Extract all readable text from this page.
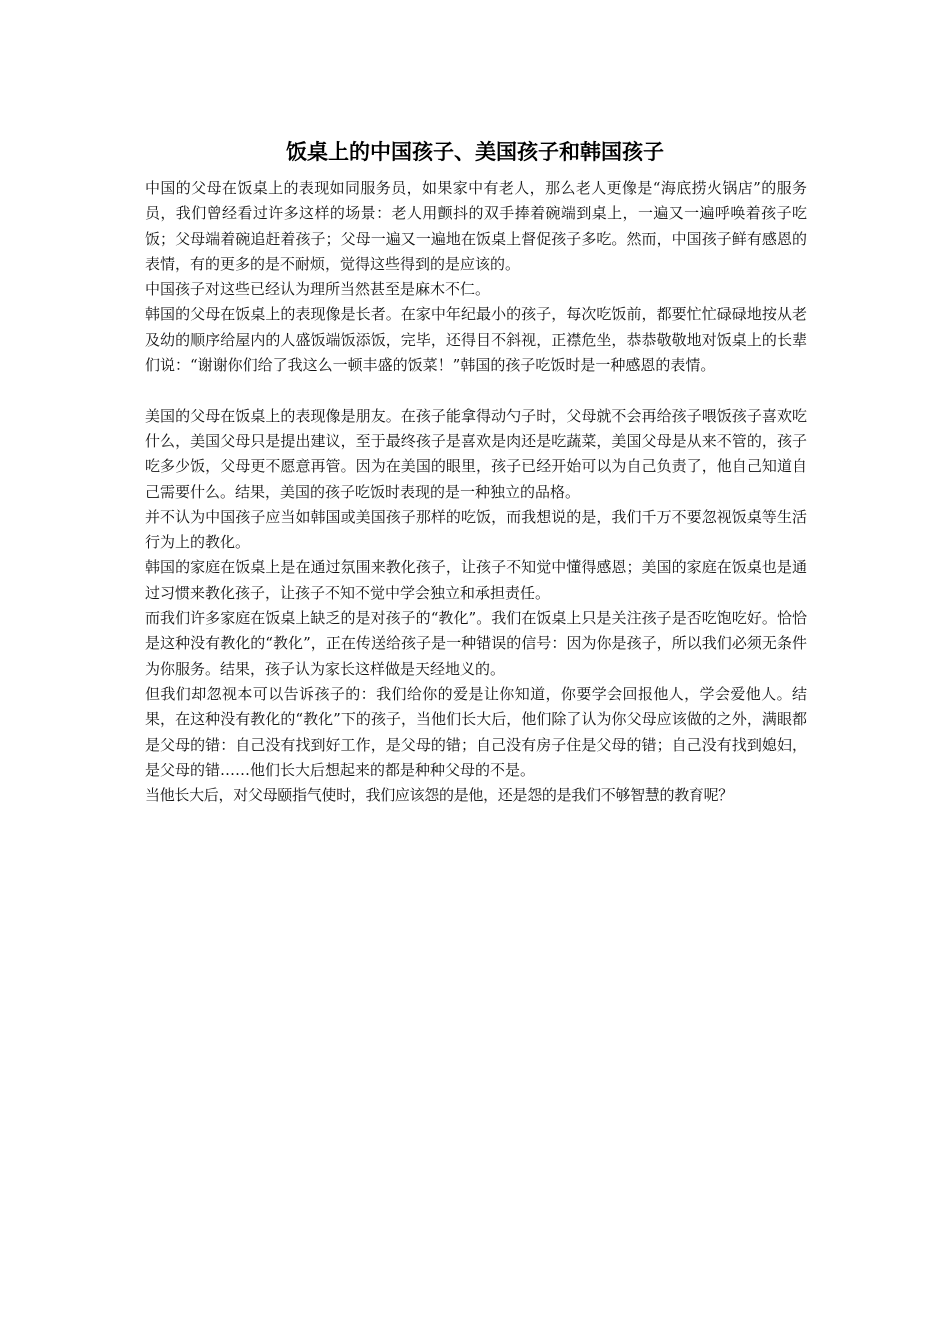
饭桌上的中国孩子、美国孩子和韩国孩子

中国的父母在饭桌上的表现如同服务员，如果家中有老人，那么老人更像是“海底捞火锅店”的服务员，我们曾经看过许多这样的场景：老人用颤抖的双手捧着碗端到桌上，一遍又一遍呼唤着孩子吃饭；父母端着碗追赶着孩子；父母一遍又一遍地在饭桌上督促孩子多吃。然而，中国孩子鲜有感恩的表情，有的更多的是不耐烦，觉得这些得到的是应该的。

中国孩子对这些已经认为理所当然甚至是麻木不仁。

韩国的父母在饭桌上的表现像是长者。在家中年纪最小的孩子，每次吃饭前，都要忙忙碌碌地按从老及幼的顺序给屋内的人盛饭端饭添饭，完毕，还得目不斜视，正襟危坐，恭恭敬敬地对饭桌上的长辈们说：“谢谢你们给了我这么一顿丰盛的饭菜！”韩国的孩子吃饭时是一种感恩的表情。

美国的父母在饭桌上的表现像是朋友。在孩子能拿得动勺子时，父母就不会再给孩子喂饭孩子喜欢吃什么，美国父母只是提出建议，至于最终孩子是喜欢是肉还是吃蔬菜，美国父母是从来不管的，孩子吃多少饭，父母更不愿意再管。因为在美国的眼里，孩子已经开始可以为自己负责了，他自己知道自己需要什么。结果，美国的孩子吃饭时表现的是一种独立的品格。

并不认为中国孩子应当如韩国或美国孩子那样的吃饭，而我想说的是，我们千万不要忽视饭桌等生活行为上的教化。

韩国的家庭在饭桌上是在通过氛围来教化孩子，让孩子不知觉中懂得感恩；美国的家庭在饭桌也是通过习惯来教化孩子，让孩子不知不觉中学会独立和承担责任。

而我们许多家庭在饭桌上缺乏的是对孩子的“教化”。我们在饭桌上只是关注孩子是否吃饱吃好。恰恰是这种没有教化的“教化”，正在传送给孩子是一种错误的信号：因为你是孩子，所以我们必须无条件为你服务。结果，孩子认为家长这样做是天经地义的。

但我们却忽视本可以告诉孩子的：我们给你的爱是让你知道，你要学会回报他人，学会爱他人。结果，在这种没有教化的“教化”下的孩子，当他们长大后，他们除了认为你父母应该做的之外，满眼都是父母的错：自己没有找到好工作，是父母的错；自己没有房子住是父母的错；自己没有找到媳妇，是父母的错……他们长大后想起来的都是种种父母的不是。

当他长大后，对父母颐指气使时，我们应该怨的是他，还是怨的是我们不够智慧的教育呢？
